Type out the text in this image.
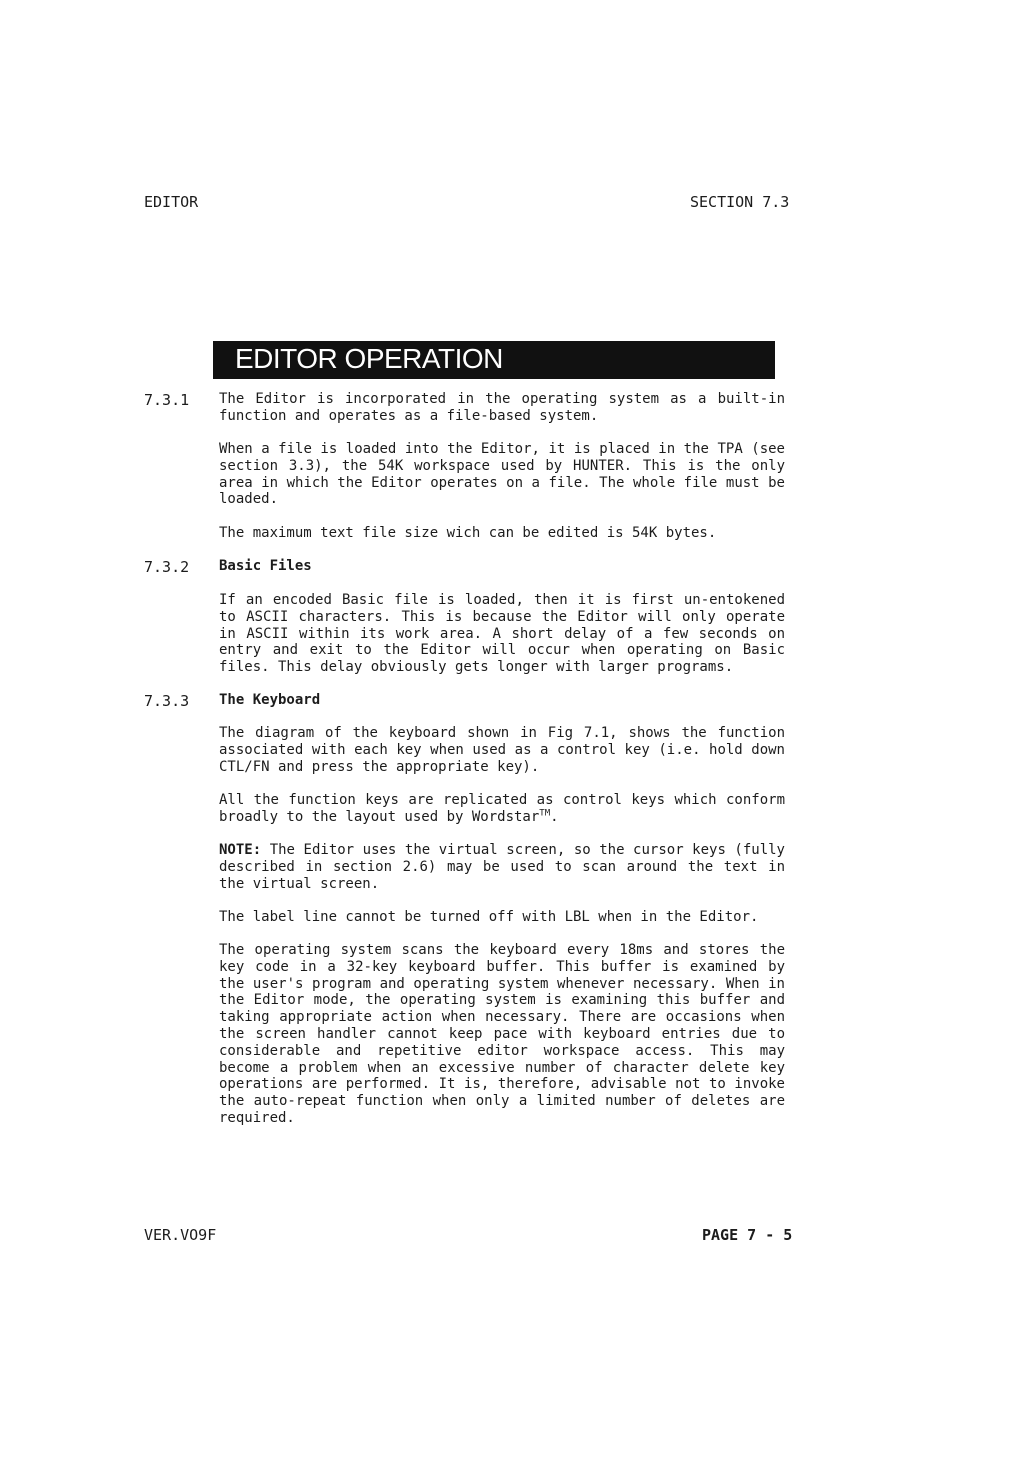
EDITOR	SECTION 7.3
EDITOR OPERATION
7.3.1 The Editor is incorporated in the operating system as a built-in function and operates as a file-based system.

When a file is loaded into the Editor, it is placed in the TPA (see section 3.3), the 54K workspace used by HUNTER. This is the only area in which the Editor operates on a file. The whole file must be loaded.

The maximum text file size wich can be edited is 54K bytes.

7.3.2 Basic Files

If an encoded Basic file is loaded, then it is first un-entokened to ASCII characters. This is because the Editor will only operate in ASCII within its work area. A short delay of a few seconds on entry and exit to the Editor will occur when operating on Basic files. This delay obviously gets longer with larger programs.

7.3.3 The Keyboard

The diagram of the keyboard shown in Fig 7.1, shows the function associated with each key when used as a control key (i.e. hold down CTL/FN and press the appropriate key).

All the function keys are replicated as control keys which conform broadly to the layout used by Wordstar™.

NOTE: The Editor uses the virtual screen, so the cursor keys (fully described in section 2.6) may be used to scan around the text in the virtual screen.

The label line cannot be turned off with LBL when in the Editor.

The operating system scans the keyboard every 18ms and stores the key code in a 32-key keyboard buffer. This buffer is examined by the user's program and operating system whenever necessary. When in the Editor mode, the operating system is examining this buffer and taking appropriate action when necessary. There are occasions when the screen handler cannot keep pace with keyboard entries due to considerable and repetitive editor workspace access. This may become a problem when an excessive number of character delete key operations are performed. It is, therefore, advisable not to invoke the auto-repeat function when only a limited number of deletes are required.

VER.VO9F	PAGE 7 - 5
